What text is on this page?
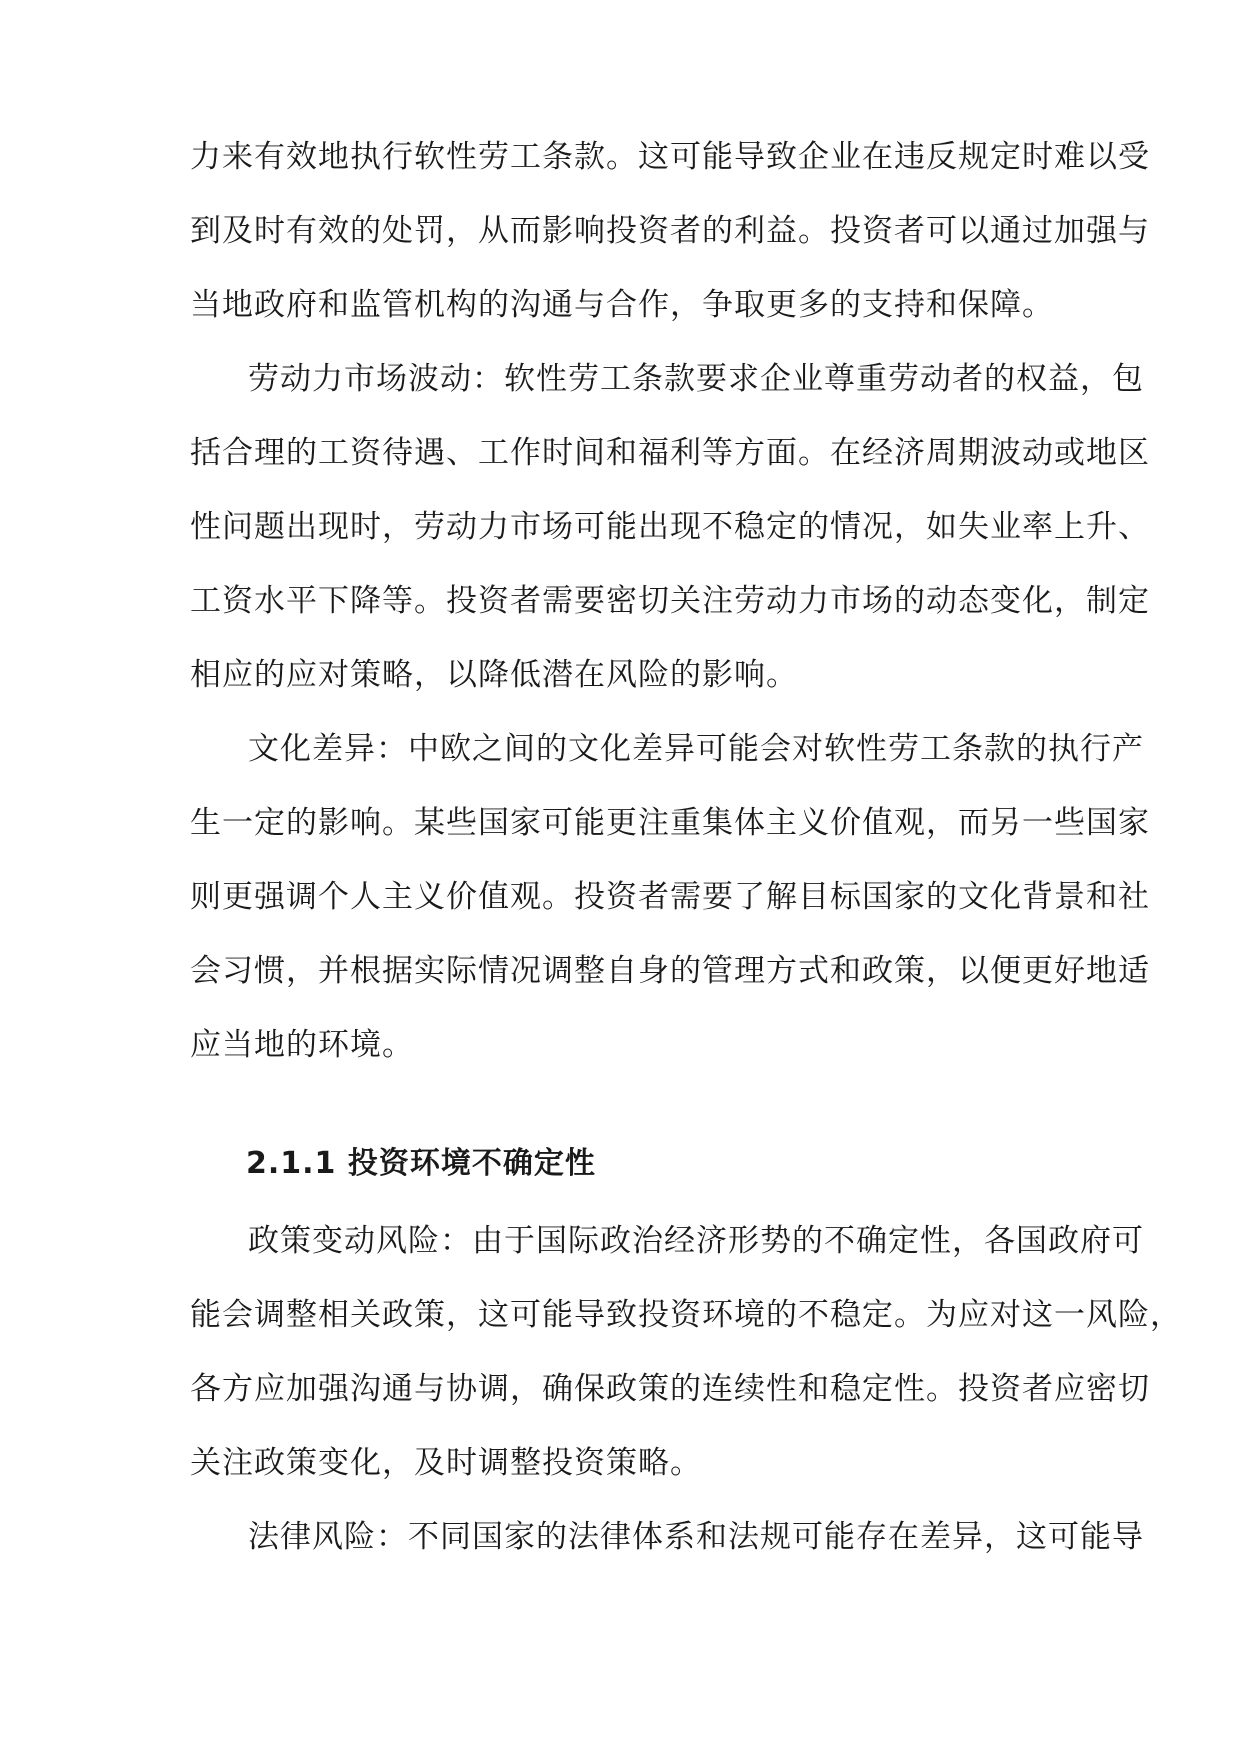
力来有效地执行软性劳工条款。这可能导致企业在违反规定时难以受
到及时有效的处罚，从而影响投资者的利益。投资者可以通过加强与
当地政府和监管机构的沟通与合作，争取更多的支持和保障。
劳动力市场波动：软性劳工条款要求企业尊重劳动者的权益，包
括合理的工资待遇、工作时间和福利等方面。在经济周期波动或地区
性问题出现时，劳动力市场可能出现不稳定的情况，如失业率上升、
工资水平下降等。投资者需要密切关注劳动力市场的动态变化，制定
相应的应对策略，以降低潜在风险的影响。
文化差异：中欧之间的文化差异可能会对软性劳工条款的执行产
生一定的影响。某些国家可能更注重集体主义价值观，而另一些国家
则更强调个人主义价值观。投资者需要了解目标国家的文化背景和社
会习惯，并根据实际情况调整自身的管理方式和政策，以便更好地适
应当地的环境。
2.1.1 投资环境不确定性
政策变动风险：由于国际政治经济形势的不确定性，各国政府可
能会调整相关政策，这可能导致投资环境的不稳定。为应对这一风险，
各方应加强沟通与协调，确保政策的连续性和稳定性。投资者应密切
关注政策变化，及时调整投资策略。
法律风险：不同国家的法律体系和法规可能存在差异，这可能导
